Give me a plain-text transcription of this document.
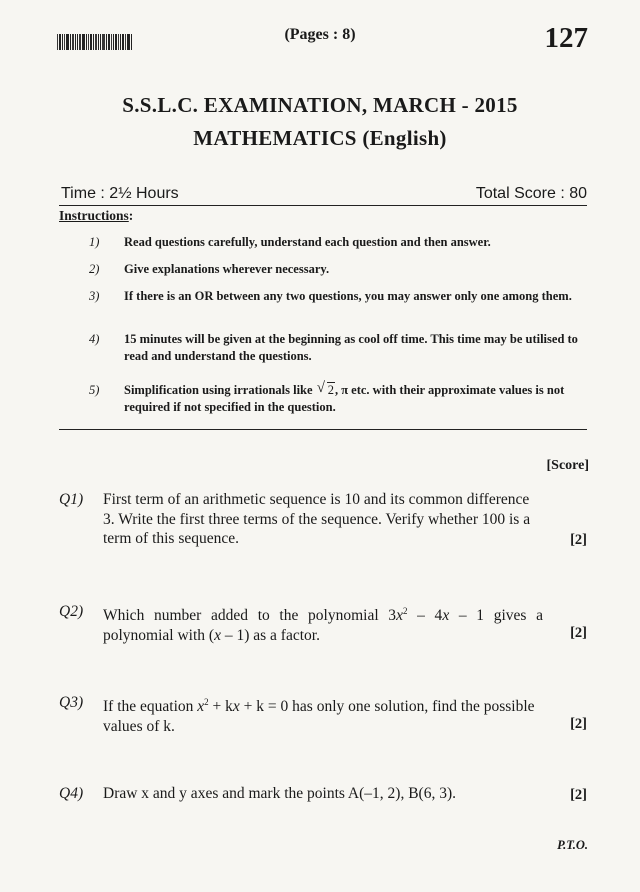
(Pages : 8)	127
S.S.L.C. EXAMINATION, MARCH - 2015
MATHEMATICS (English)
Time : 2½ Hours	Total Score : 80
Instructions:
1)	Read questions carefully, understand each question and then answer.
2)	Give explanations wherever necessary.
3)	If there is an OR between any two questions, you may answer only one among them.
4)	15 minutes will be given at the beginning as cool off time. This time may be utilised to read and understand the questions.
5)	Simplification using irrationals like √ 2, π etc. with their approximate values is not required if not specified in the question.
[Score]
Q1) First term of an arithmetic sequence is 10 and its common difference 3. Write the first three terms of the sequence. Verify whether 100 is a term of this sequence.	[2]
Q2) Which number added to the polynomial $3x^2 - 4x - 1$ gives a polynomial with (x – 1) as a factor.	[2]
Q3) If the equation $x^2$ + kx + k = 0 has only one solution, find the possible values of k.	[2]
Q4) Draw x and y axes and mark the points A(–1, 2), B(6, 3).	[2]
P.T.O.
